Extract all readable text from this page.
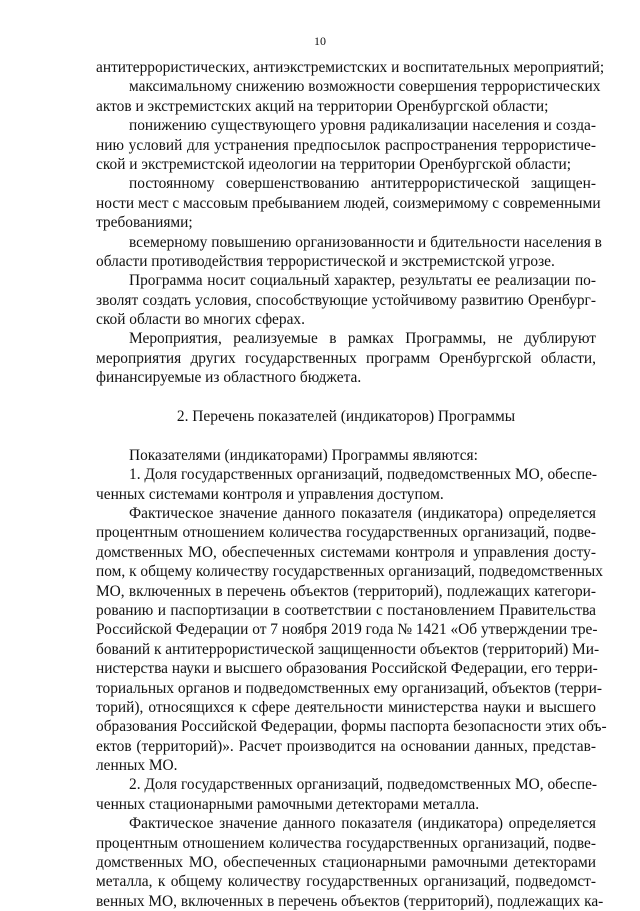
10
антитеррористических, антиэкстремистских и воспитательных мероприятий;
максимальному снижению возможности совершения террористических
актов и экстремистских акций на территории Оренбургской области;
понижению существующего уровня радикализации населения и созда-
нию условий для устранения предпосылок распространения террористиче-
ской и экстремистской идеологии на территории Оренбургской области;
постоянному совершенствованию антитеррористической защищен-
ности мест с массовым пребыванием людей, соизмеримому с современными
требованиями;
всемерному повышению организованности и бдительности населения в
области противодействия террористической и экстремистской угрозе.
Программа носит социальный характер, результаты ее реализации по-
зволят создать условия, способствующие устойчивому развитию Оренбург-
ской области во многих сферах.
Мероприятия, реализуемые в рамках Программы, не дублируют
мероприятия других государственных программ Оренбургской области,
финансируемые из областного бюджета.
2. Перечень показателей (индикаторов) Программы
Показателями (индикаторами) Программы являются:
1. Доля государственных организаций, подведомственных МО, обеспе-
ченных системами контроля и управления доступом.
Фактическое значение данного показателя (индикатора) определяется
процентным отношением количества государственных организаций, подве-
домственных МО, обеспеченных системами контроля и управления досту-
пом, к общему количеству государственных организаций, подведомственных
МО, включенных в перечень объектов (территорий), подлежащих категори-
рованию и паспортизации в соответствии с постановлением Правительства
Российской Федерации от 7 ноября 2019 года № 1421 «Об утверждении тре-
бований к антитеррористической защищенности объектов (территорий) Ми-
нистерства науки и высшего образования Российской Федерации, его терри-
ториальных органов и подведомственных ему организаций, объектов (терри-
торий), относящихся к сфере деятельности министерства науки и высшего
образования Российской Федерации, формы паспорта безопасности этих объ-
ектов (территорий)». Расчет производится на основании данных, представ-
ленных МО.
2. Доля государственных организаций, подведомственных МО, обеспе-
ченных стационарными рамочными детекторами металла.
Фактическое значение данного показателя (индикатора) определяется
процентным отношением количества государственных организаций, подве-
домственных МО, обеспеченных стационарными рамочными детекторами
металла, к общему количеству государственных организаций, подведомст-
венных МО, включенных в перечень объектов (территорий), подлежащих ка-
